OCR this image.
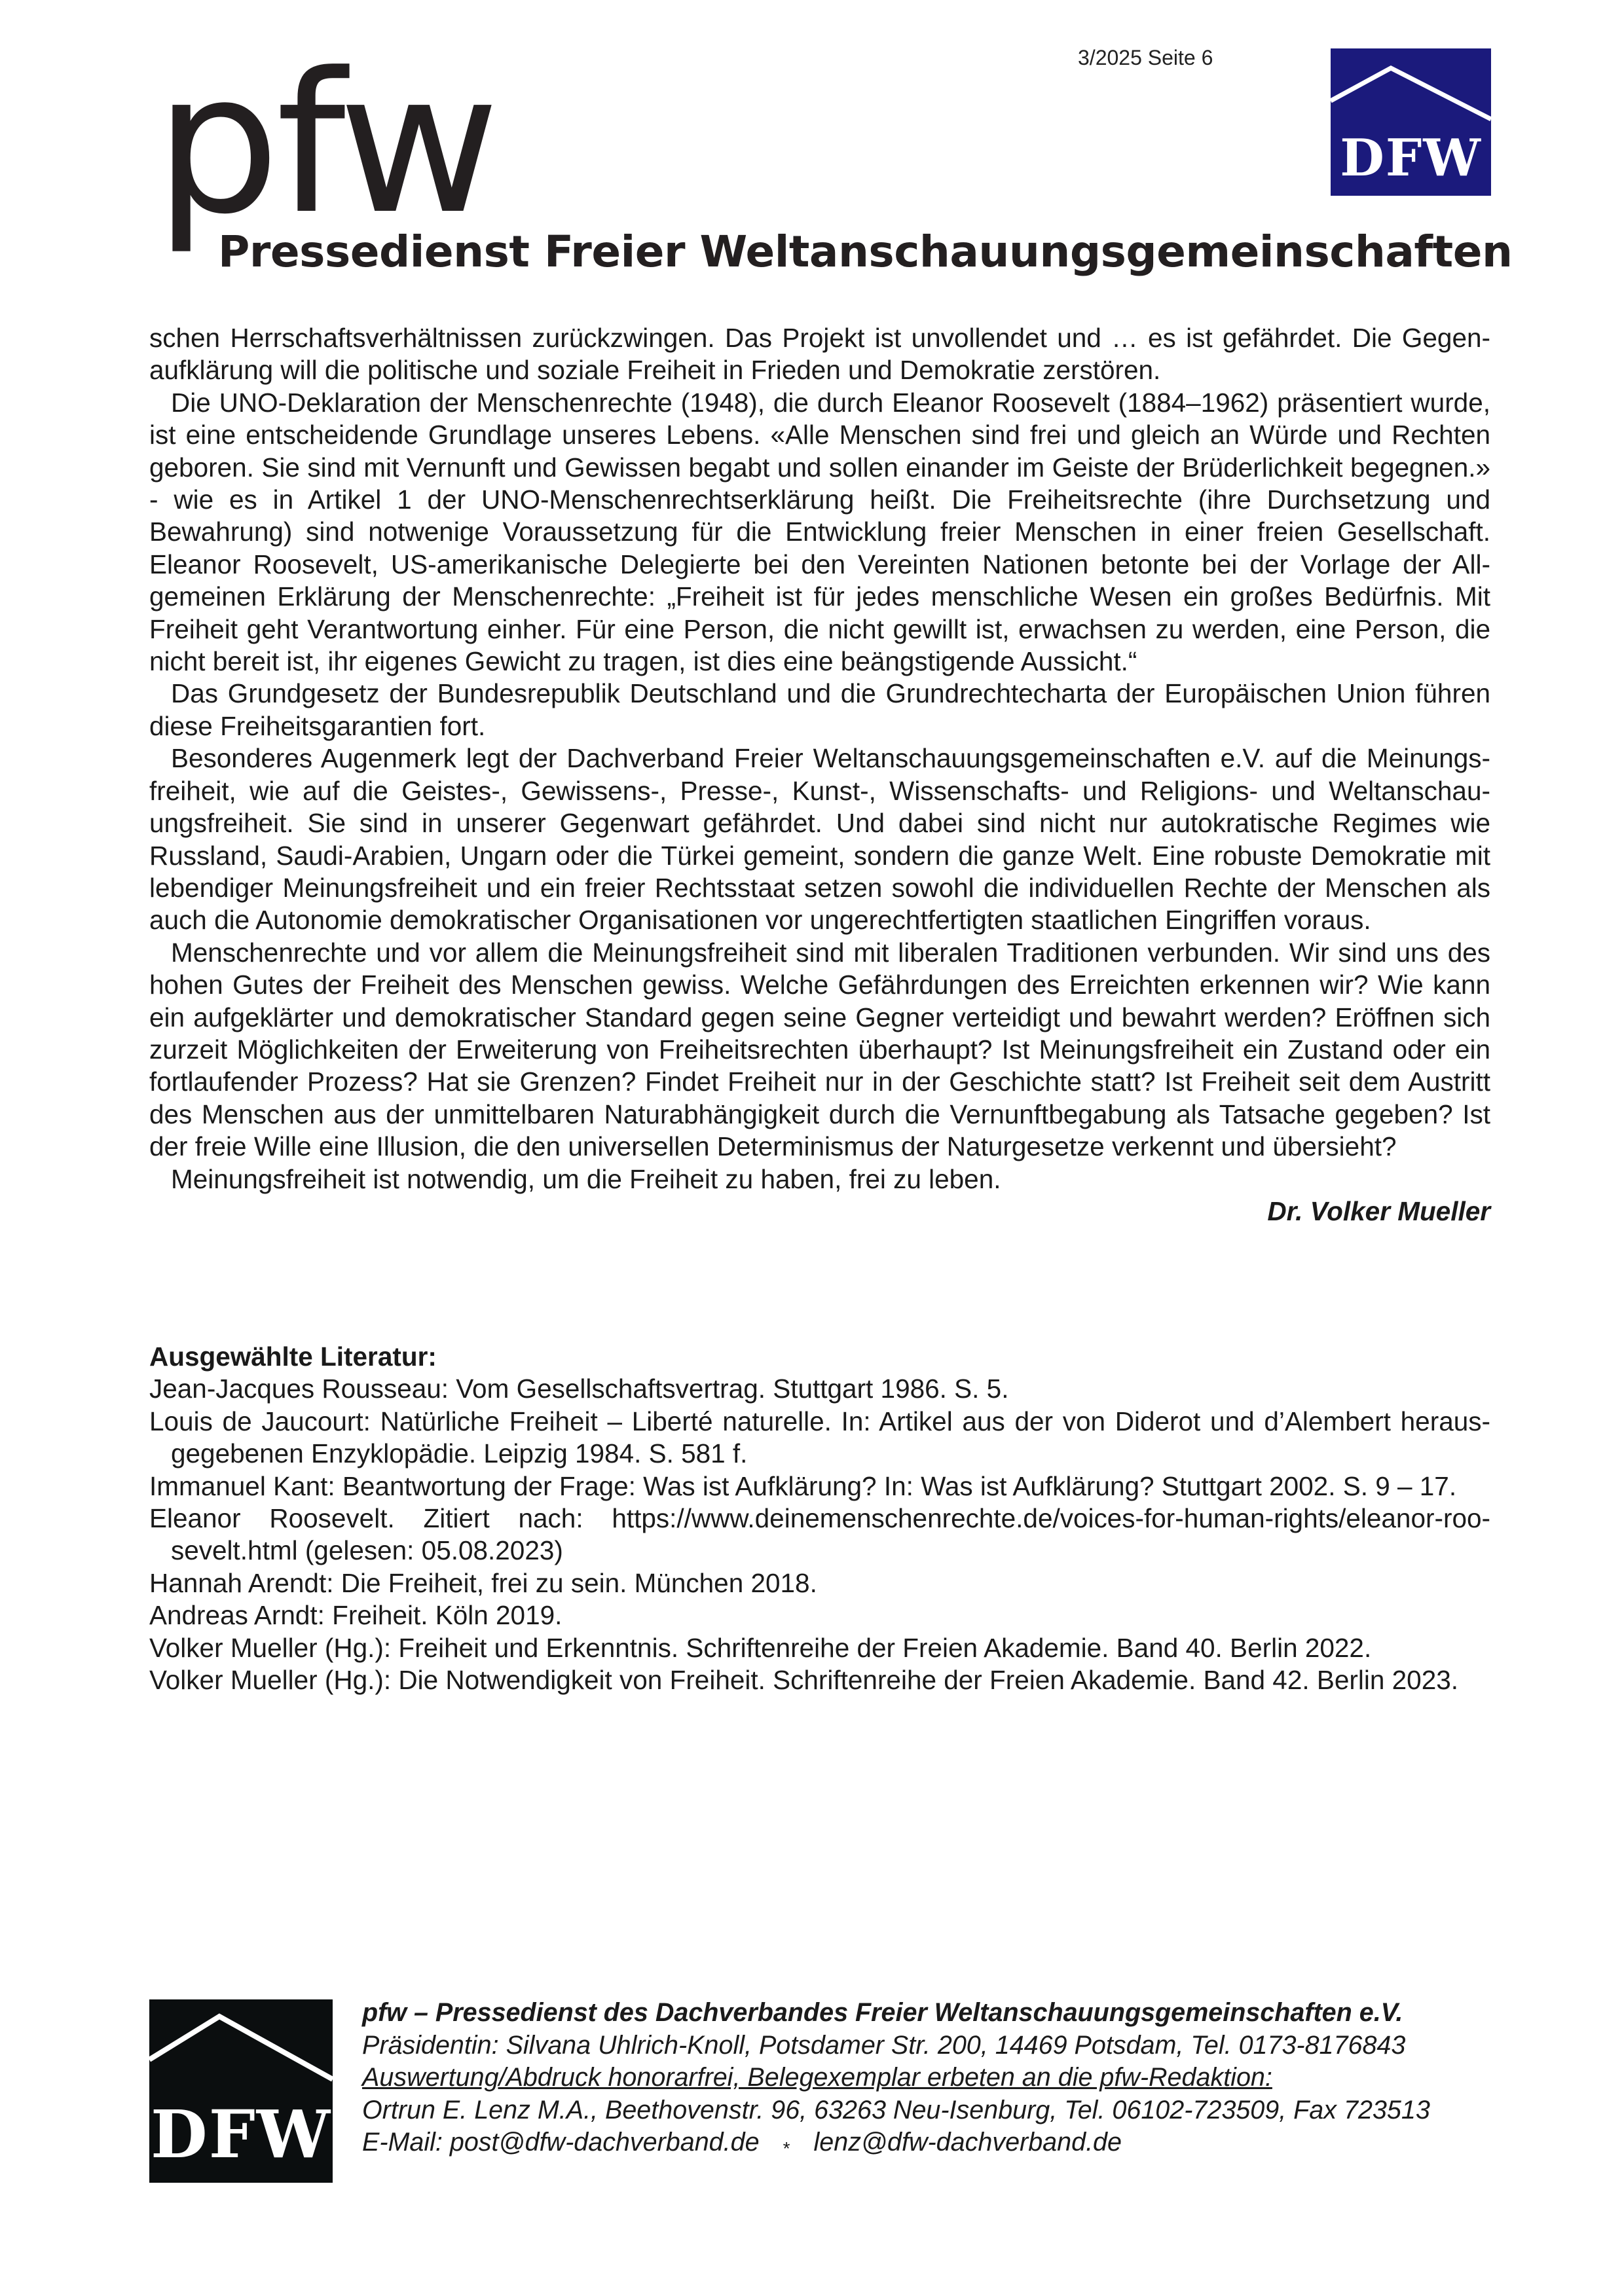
3/2025 Seite 6
pfw
Pressedienst Freier Weltanschauungsgemeinschaften
DFW

schen Herrschaftsverhältnissen zurückzwingen. Das Projekt ist unvollendet und … es ist gefährdet. Die Gegenaufklärung will die politische und soziale Freiheit in Frieden und Demokratie zerstören.

Die UNO-Deklaration der Menschenrechte (1948), die durch Eleanor Roosevelt (1884–1962) präsentiert wurde, ist eine entscheidende Grundlage unseres Lebens. «Alle Menschen sind frei und gleich an Würde und Rechten geboren. Sie sind mit Vernunft und Gewissen begabt und sollen einander im Geiste der Brüderlichkeit begegnen.» - wie es in Artikel 1 der UNO-Menschenrechtserklärung heißt. Die Freiheitsrechte (ihre Durchsetzung und Bewahrung) sind notwenige Voraussetzung für die Entwicklung freier Menschen in einer freien Gesellschaft. Eleanor Roosevelt, US-amerikanische Delegierte bei den Vereinten Nationen betonte bei der Vorlage der Allgemeinen Erklärung der Menschenrechte: „Freiheit ist für jedes menschliche Wesen ein großes Bedürfnis. Mit Freiheit geht Verantwortung einher. Für eine Person, die nicht gewillt ist, erwachsen zu werden, eine Person, die nicht bereit ist, ihr eigenes Gewicht zu tragen, ist dies eine beängstigende Aussicht.“

Das Grundgesetz der Bundesrepublik Deutschland und die Grundrechtecharta der Europäischen Union führen diese Freiheitsgarantien fort.

Besonderes Augenmerk legt der Dachverband Freier Weltanschauungsgemeinschaften e.V. auf die Meinungsfreiheit, wie auf die Geistes-, Gewissens-, Presse-, Kunst-, Wissenschafts- und Religions- und Weltanschauungsfreiheit. Sie sind in unserer Gegenwart gefährdet. Und dabei sind nicht nur autokratische Regimes wie Russland, Saudi-Arabien, Ungarn oder die Türkei gemeint, sondern die ganze Welt. Eine robuste Demokratie mit lebendiger Meinungsfreiheit und ein freier Rechtsstaat setzen sowohl die individuellen Rechte der Menschen als auch die Autonomie demokratischer Organisationen vor ungerechtfertigten staatlichen Eingriffen voraus.

Menschenrechte und vor allem die Meinungsfreiheit sind mit liberalen Traditionen verbunden. Wir sind uns des hohen Gutes der Freiheit des Menschen gewiss. Welche Gefährdungen des Erreichten erkennen wir? Wie kann ein aufgeklärter und demokratischer Standard gegen seine Gegner verteidigt und bewahrt werden? Eröffnen sich zurzeit Möglichkeiten der Erweiterung von Freiheitsrechten überhaupt? Ist Meinungsfreiheit ein Zustand oder ein fortlaufender Prozess? Hat sie Grenzen? Findet Freiheit nur in der Geschichte statt? Ist Freiheit seit dem Austritt des Menschen aus der unmittelbaren Naturabhängigkeit durch die Vernunftbegabung als Tatsache gegeben? Ist der freie Wille eine Illusion, die den universellen Determinismus der Naturgesetze verkennt und übersieht?

Meinungsfreiheit ist notwendig, um die Freiheit zu haben, frei zu leben.

Dr. Volker Mueller
Ausgewählte Literatur:
Jean-Jacques Rousseau: Vom Gesellschaftsvertrag. Stuttgart 1986. S. 5.
Louis de Jaucourt: Natürliche Freiheit – Liberté naturelle. In: Artikel aus der von Diderot und d’Alembert herausgegebenen Enzyklopädie. Leipzig 1984. S. 581 f.
Immanuel Kant: Beantwortung der Frage: Was ist Aufklärung? In: Was ist Aufklärung? Stuttgart 2002. S. 9 – 17.
Eleanor Roosevelt. Zitiert nach: https://www.deinemenschenrechte.de/voices-for-human-rights/eleanor-roosevelt.html (gelesen: 05.08.2023)
Hannah Arendt: Die Freiheit, frei zu sein. München 2018.
Andreas Arndt: Freiheit. Köln 2019.
Volker Mueller (Hg.): Freiheit und Erkenntnis. Schriftenreihe der Freien Akademie. Band 40. Berlin 2022.
Volker Mueller (Hg.): Die Notwendigkeit von Freiheit. Schriftenreihe der Freien Akademie. Band 42. Berlin 2023.
DFW
pfw – Pressedienst des Dachverbandes Freier Weltanschauungsgemeinschaften e.V.
Präsidentin: Silvana Uhlrich-Knoll, Potsdamer Str. 200, 14469 Potsdam, Tel. 0173-8176843
Auswertung/Abdruck honorarfrei, Belegexemplar erbeten an die pfw-Redaktion:
Ortrun E. Lenz M.A., Beethovenstr. 96, 63263 Neu-Isenburg, Tel. 06102-723509, Fax 723513
E-Mail: post@dfw-dachverband.de * lenz@dfw-dachverband.de
